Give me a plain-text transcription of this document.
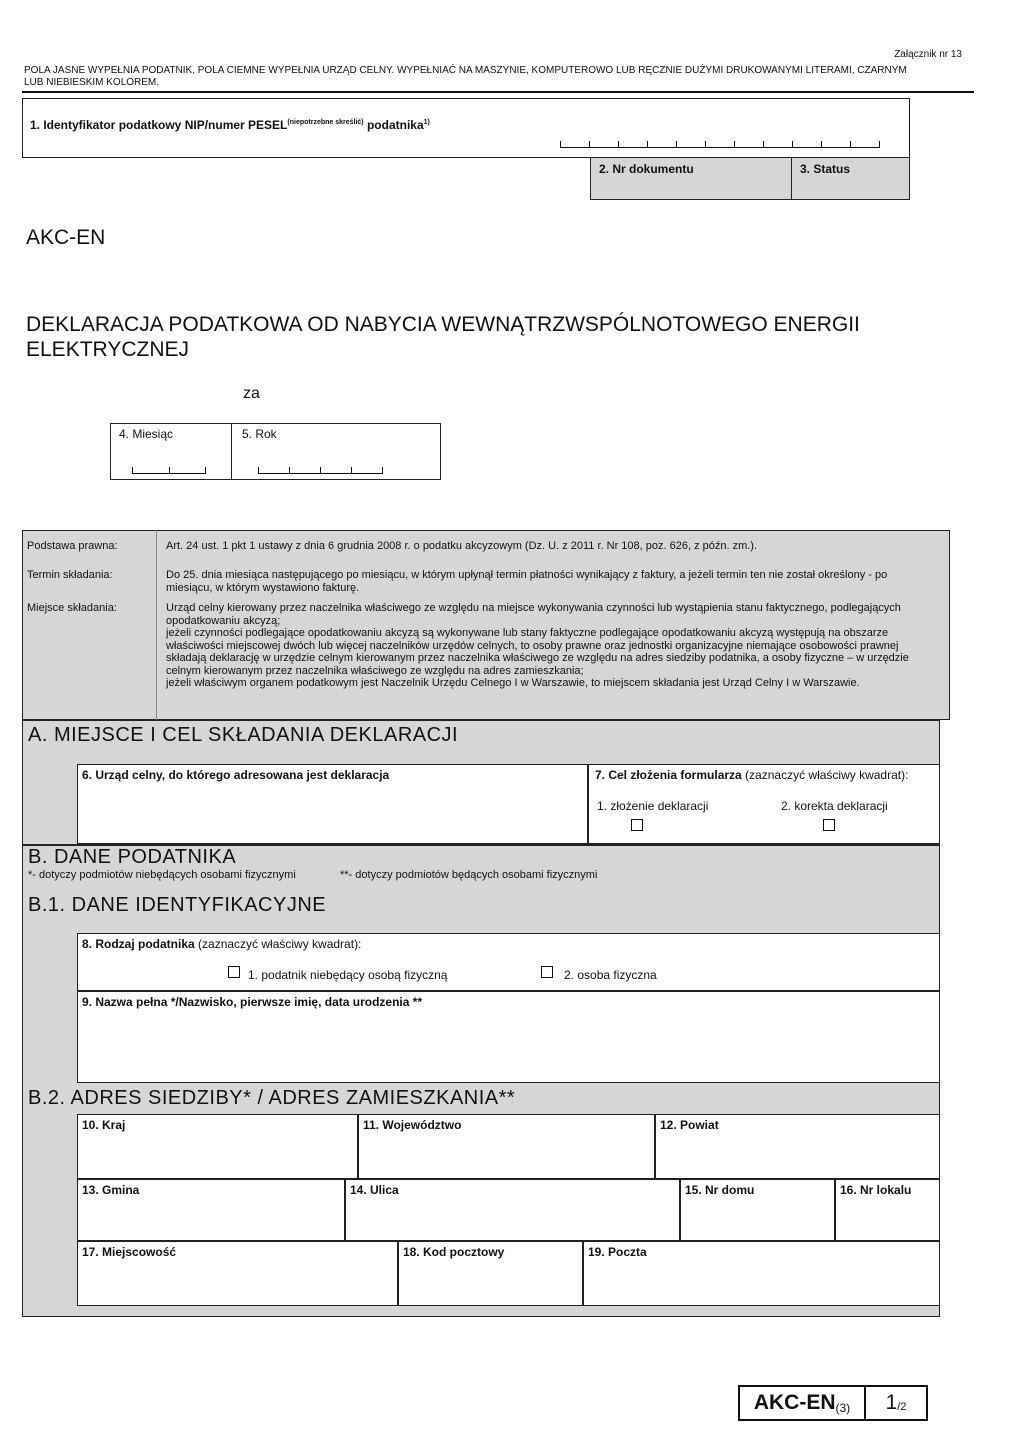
Załącznik nr 13
POLA JASNE WYPEŁNIA PODATNIK, POLA CIEMNE WYPEŁNIA URZĄD CELNY. WYPEŁNIAĆ NA MASZYNIE, KOMPUTEROWO LUB RĘCZNIE DUŻYMI DRUKOWANYMI LITERAMI, CZARNYM
LUB NIEBIESKIM KOLOREM.
1. Identyfikator podatkowy NIP/numer $PESEL^{(niepotrzebne skreślić)}$ podatnika$^{1)}$
2. Nr dokumentu	3. Status
AKC-EN
DEKLARACJA PODATKOWA OD NABYCIA WEWNĄTRZWSPÓLNOTOWEGO ENERGII
ELEKTRYCZNEJ
za
4. Miesiąc	5. Rok
Podstawa prawna:	Art. 24 ust. 1 pkt 1 ustawy z dnia 6 grudnia 2008 r. o podatku akcyzowym (Dz. U. z 2011 r. Nr 108, poz. 626, z późn. zm.).
Termin składania:	Do 25. dnia miesiąca następującego po miesiącu, w którym upłynął termin płatności wynikający z faktury, a jeżeli termin ten nie został określony - po miesiącu, w którym wystawiono fakturę.
Miejsce składania:	Urząd celny kierowany przez naczelnika właściwego ze względu na miejsce wykonywania czynności lub wystąpienia stanu faktycznego, podlegających opodatkowaniu akcyzą;
jeżeli czynności podlegające opodatkowaniu akcyzą są wykonywane lub stany faktyczne podlegające opodatkowaniu akcyzą występują na obszarze właściwości miejscowej dwóch lub więcej naczelników urzędów celnych, to osoby prawne oraz jednostki organizacyjne niemające osobowości prawnej składają deklarację w urzędzie celnym kierowanym przez naczelnika właściwego ze względu na adres siedziby podatnika, a osoby fizyczne – w urzędzie celnym kierowanym przez naczelnika właściwego ze względu na adres zamieszkania;
jeżeli właściwym organem podatkowym jest Naczelnik Urzędu Celnego I w Warszawie, to miejscem składania jest Urząd Celny I w Warszawie.
A. MIEJSCE I CEL SKŁADANIA DEKLARACJI
6. Urząd celny, do którego adresowana jest deklaracja	7. Cel złożenia formularza (zaznaczyć właściwy kwadrat):
1. złożenie deklaracji	2. korekta deklaracji
B. DANE PODATNIKA
*- dotyczy podmiotów niebędących osobami fizycznymi	**- dotyczy podmiotów będących osobami fizycznymi
B.1. DANE IDENTYFIKACYJNE
8. Rodzaj podatnika (zaznaczyć właściwy kwadrat):
1. podatnik niebędący osobą fizyczną	2. osoba fizyczna
9. Nazwa pełna */Nazwisko, pierwsze imię, data urodzenia **
B.2. ADRES SIEDZIBY* / ADRES ZAMIESZKANIA**
10. Kraj	11. Województwo	12. Powiat
13. Gmina	14. Ulica	15. Nr domu	16. Nr lokalu
17. Miejscowość	18. Kod pocztowy	19. Poczta
AKC-EN (3) 1 /2
